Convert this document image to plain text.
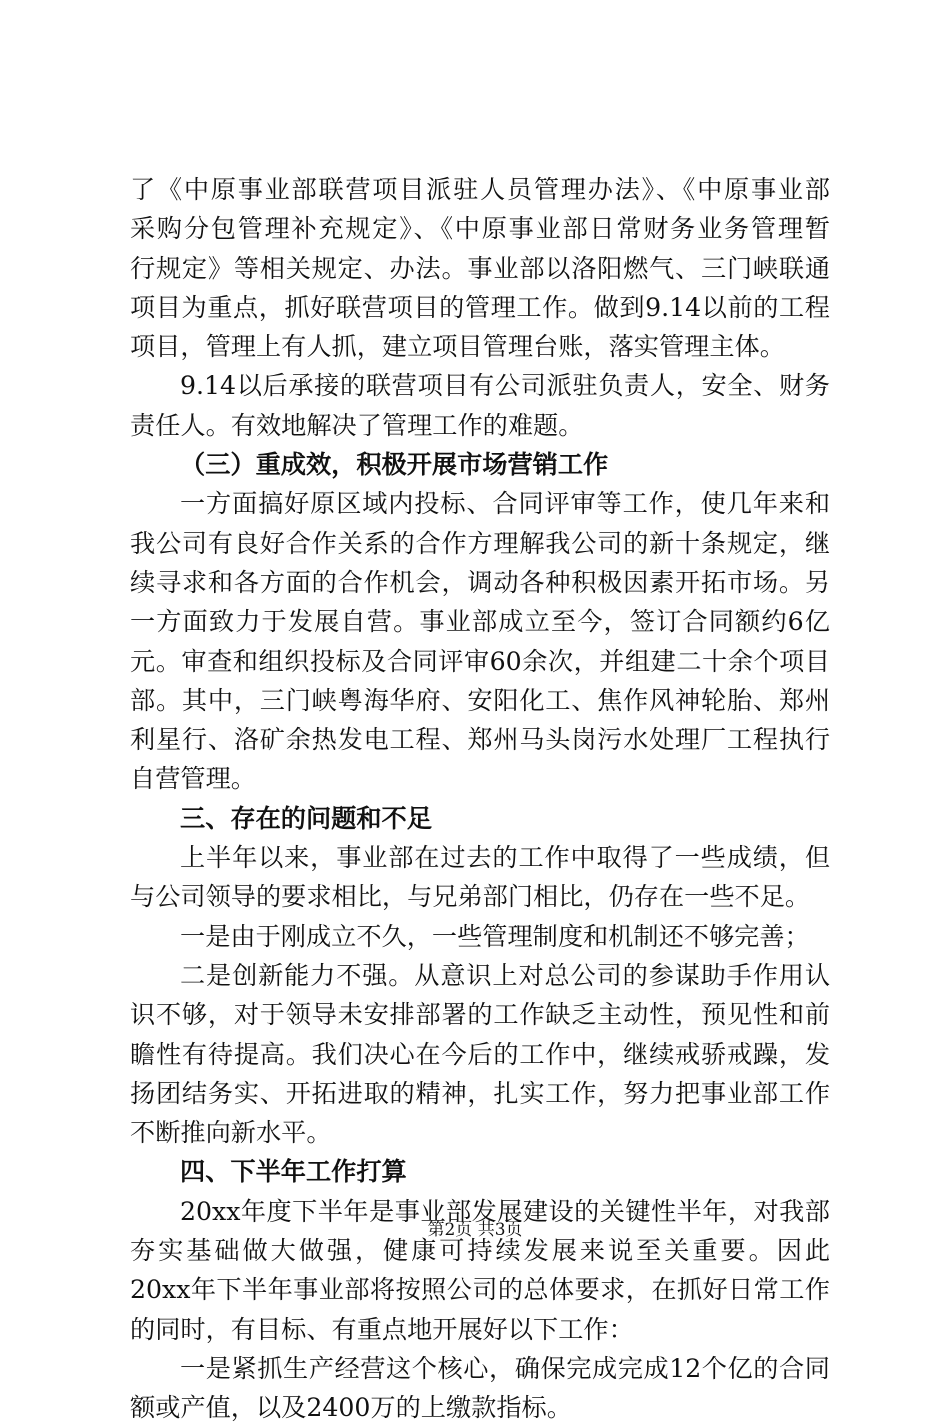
了《中原事业部联营项目派驻人员管理办法》、《中原事业部
采购分包管理补充规定》、《中原事业部日常财务业务管理暂
行规定》等相关规定、办法。事业部以洛阳燃气、三门峡联通
项目为重点，抓好联营项目的管理工作。做到9.14以前的工程
项目，管理上有人抓，建立项目管理台账，落实管理主体。
9.14以后承接的联营项目有公司派驻负责人，安全、财务
责任人。有效地解决了管理工作的难题。
（三）重成效，积极开展市场营销工作
一方面搞好原区域内投标、合同评审等工作，使几年来和
我公司有良好合作关系的合作方理解我公司的新十条规定，继
续寻求和各方面的合作机会，调动各种积极因素开拓市场。另
一方面致力于发展自营。事业部成立至今，签订合同额约6亿
元。审查和组织投标及合同评审60余次，并组建二十余个项目
部。其中，三门峡粤海华府、安阳化工、焦作风神轮胎、郑州
利星行、洛矿余热发电工程、郑州马头岗污水处理厂工程执行
自营管理。
三、存在的问题和不足
上半年以来，事业部在过去的工作中取得了一些成绩，但
与公司领导的要求相比，与兄弟部门相比，仍存在一些不足。
一是由于刚成立不久，一些管理制度和机制还不够完善；
二是创新能力不强。从意识上对总公司的参谋助手作用认
识不够，对于领导未安排部署的工作缺乏主动性，预见性和前
瞻性有待提高。我们决心在今后的工作中，继续戒骄戒躁，发
扬团结务实、开拓进取的精神，扎实工作，努力把事业部工作
不断推向新水平。
四、下半年工作打算
20xx年度下半年是事业部发展建设的关键性半年，对我部
夯实基础做大做强，健康可持续发展来说至关重要。因此
20xx年下半年事业部将按照公司的总体要求，在抓好日常工作
的同时，有目标、有重点地开展好以下工作：
一是紧抓生产经营这个核心，确保完成完成12个亿的合同
额或产值，以及2400万的上缴款指标。
第2页 共3页
